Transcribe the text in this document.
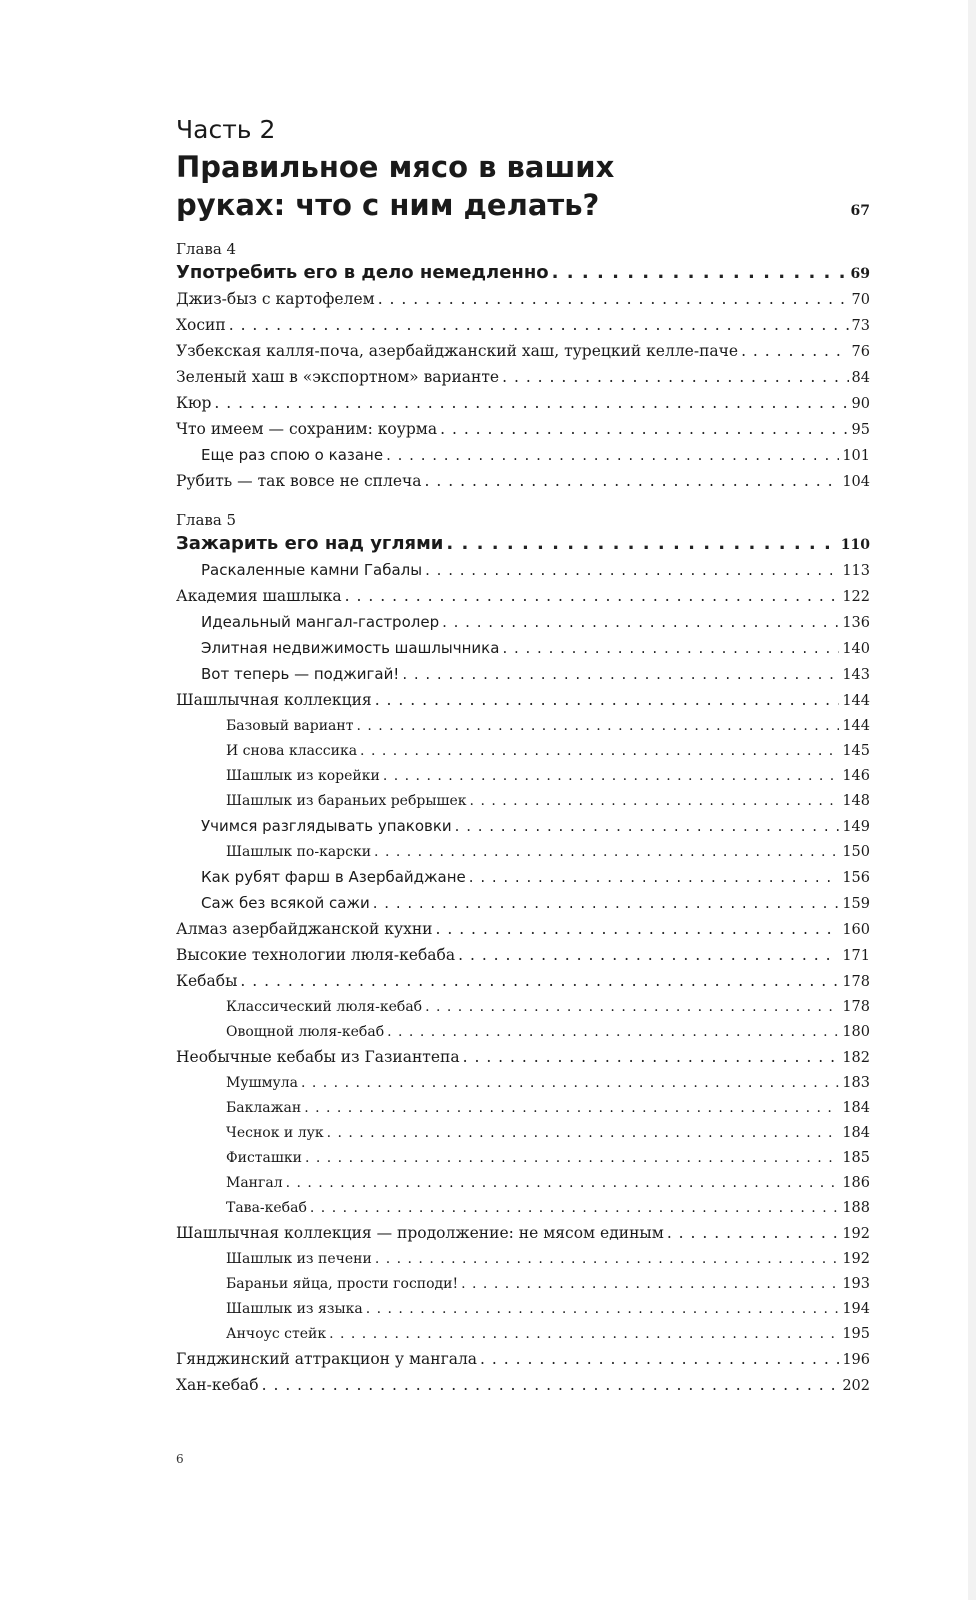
Часть 2
Правильное мясо в ваших
руках: что с ним делать?	67
Глава 4
Употребить его в дело немедленно . . .	69
Джиз-быз с картофелем . . .	70
Хосип . . .	73
Узбекская калля-поча, азербайджанский хаш, турецкий келле-паче . . .	76
Зеленый хаш в «экспортном» варианте . . .	84
Кюр . . .	90
Что имеем — сохраним: коурма . . .	95
Еще раз спою о казане . . .	101
Рубить — так вовсе не сплеча . . .	104
Глава 5
Зажарить его над углями . . .	110
Раскаленные камни Габалы . . .	113
Академия шашлыка . . .	122
Идеальный мангал-гастролер . . .	136
Элитная недвижимость шашлычника . . .	140
Вот теперь — поджигай! . . .	143
Шашлычная коллекция . . .	144
Базовый вариант . . .	144
И снова классика . . .	145
Шашлык из корейки . . .	146
Шашлык из бараньих ребрышек . . .	148
Учимся разглядывать упаковки . . .	149
Шашлык по-карски . . .	150
Как рубят фарш в Азербайджане . . .	156
Саж без всякой сажи . . .	159
Алмаз азербайджанской кухни . . .	160
Высокие технологии люля-кебаба . . .	171
Кебабы . . .	178
Классический люля-кебаб . . .	178
Овощной люля-кебаб . . .	180
Необычные кебабы из Газиантепа . . .	182
Мушмула . . .	183
Баклажан . . .	184
Чеснок и лук . . .	184
Фисташки . . .	185
Мангал . . .	186
Тава-кебаб . . .	188
Шашлычная коллекция — продолжение: не мясом единым . . .	192
Шашлык из печени . . .	192
Бараньи яйца, прости господи! . . .	193
Шашлык из языка . . .	194
Анчоус стейк . . .	195
Гянджинский аттракцион у мангала . . .	196
Хан-кебаб . . .	202
6
